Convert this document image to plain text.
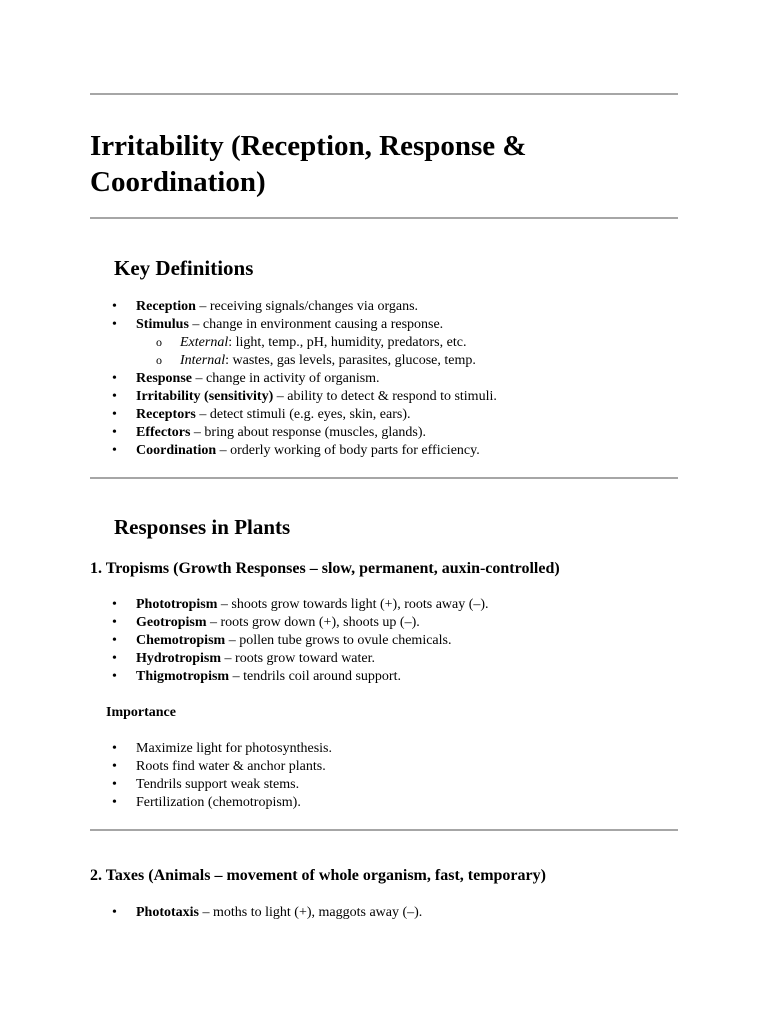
Irritability (Reception, Response & Coordination)
Key Definitions
• Reception – receiving signals/changes via organs.
• Stimulus – change in environment causing a response.
o External: light, temp., pH, humidity, predators, etc.
o Internal: wastes, gas levels, parasites, glucose, temp.
• Response – change in activity of organism.
• Irritability (sensitivity) – ability to detect & respond to stimuli.
• Receptors – detect stimuli (e.g. eyes, skin, ears).
• Effectors – bring about response (muscles, glands).
• Coordination – orderly working of body parts for efficiency.
Responses in Plants
1. Tropisms (Growth Responses – slow, permanent, auxin-controlled)
• Phototropism – shoots grow towards light (+), roots away (–).
• Geotropism – roots grow down (+), shoots up (–).
• Chemotropism – pollen tube grows to ovule chemicals.
• Hydrotropism – roots grow toward water.
• Thigmotropism – tendrils coil around support.
Importance
• Maximize light for photosynthesis.
• Roots find water & anchor plants.
• Tendrils support weak stems.
• Fertilization (chemotropism).
2. Taxes (Animals – movement of whole organism, fast, temporary)
• Phototaxis – moths to light (+), maggots away (–).
